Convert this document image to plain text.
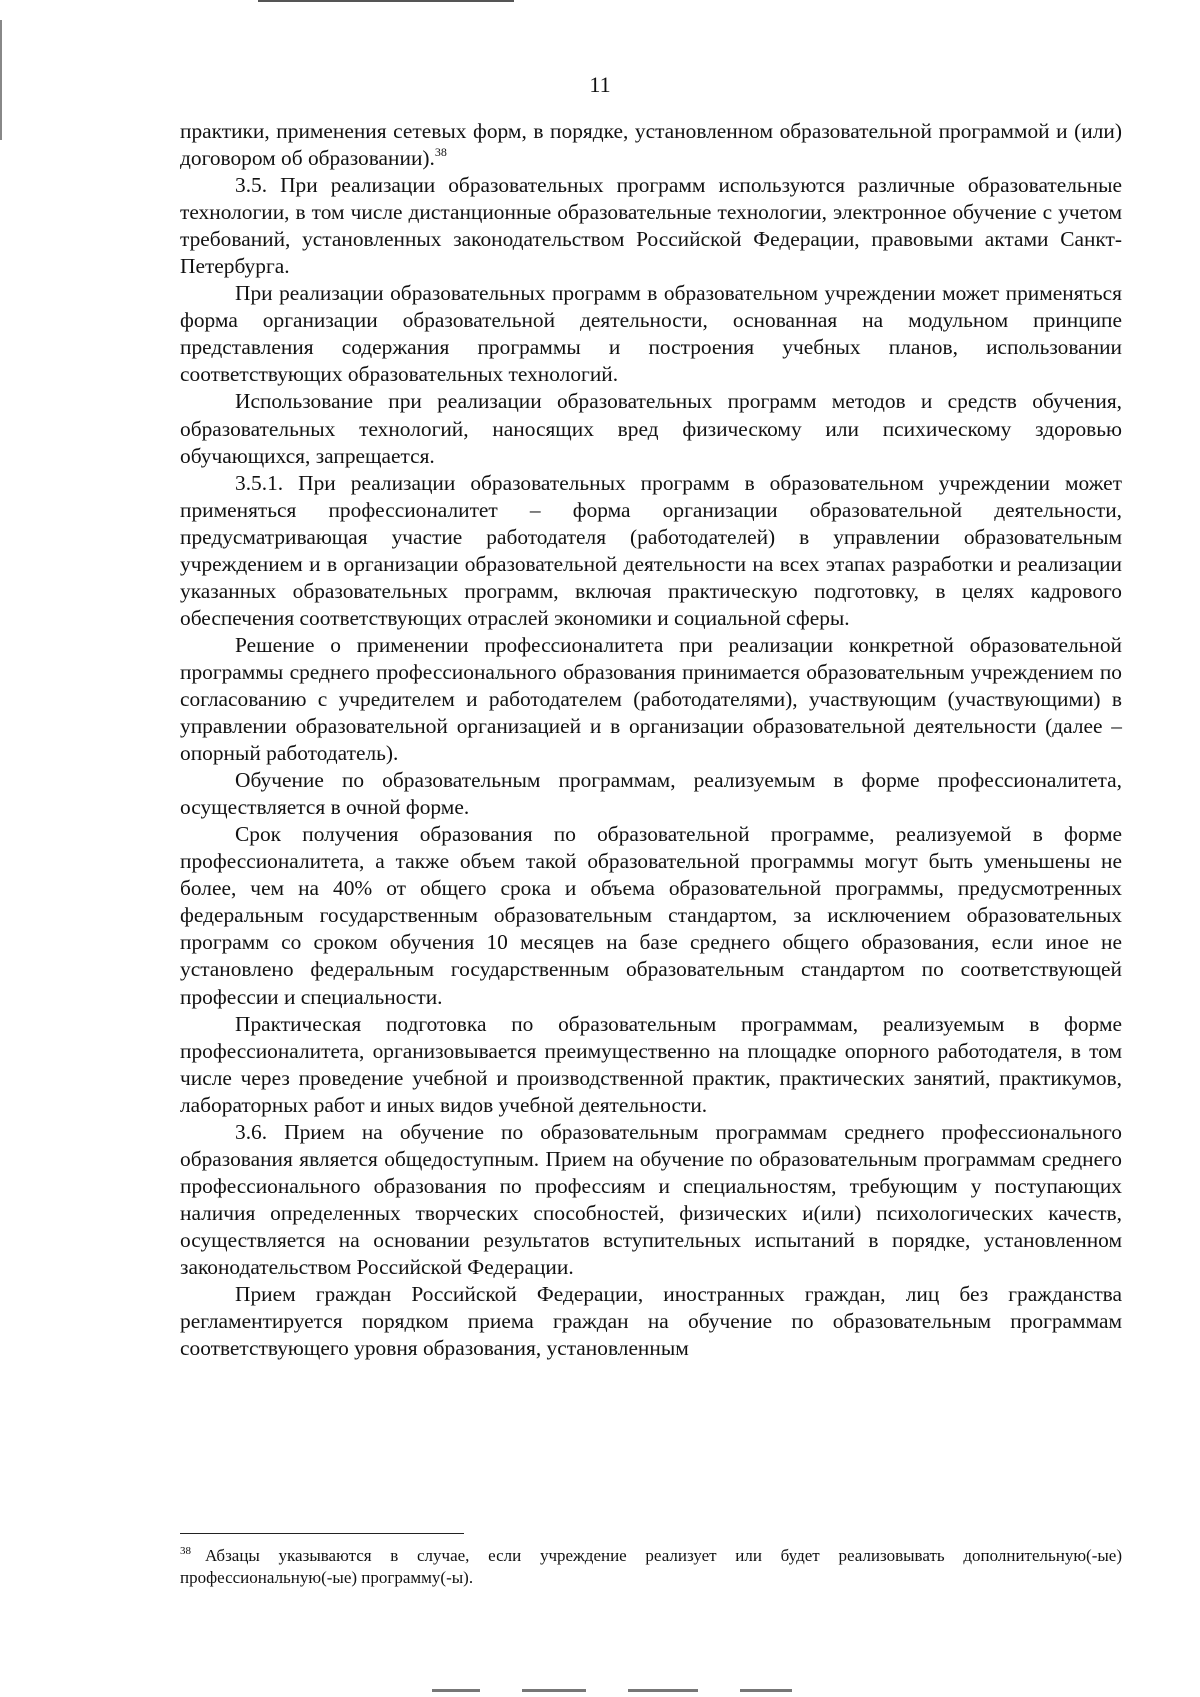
11

практики, применения сетевых форм, в порядке, установленном образовательной программой и (или) договором об образовании).$^{38}$

3.5. При реализации образовательных программ используются различные образовательные технологии, в том числе дистанционные образовательные технологии, электронное обучение с учетом требований, установленных законодательством Российской Федерации, правовыми актами Санкт-Петербурга.

При реализации образовательных программ в образовательном учреждении может применяться форма организации образовательной деятельности, основанная на модульном принципе представления содержания программы и построения учебных планов, использовании соответствующих образовательных технологий.

Использование при реализации образовательных программ методов и средств обучения, образовательных технологий, наносящих вред физическому или психическому здоровью обучающихся, запрещается.

3.5.1. При реализации образовательных программ в образовательном учреждении может применяться профессионалитет – форма организации образовательной деятельности, предусматривающая участие работодателя (работодателей) в управлении образовательным учреждением и в организации образовательной деятельности на всех этапах разработки и реализации указанных образовательных программ, включая практическую подготовку, в целях кадрового обеспечения соответствующих отраслей экономики и социальной сферы.

Решение о применении профессионалитета при реализации конкретной образовательной программы среднего профессионального образования принимается образовательным учреждением по согласованию с учредителем и работодателем (работодателями), участвующим (участвующими) в управлении образовательной организацией и в организации образовательной деятельности (далее – опорный работодатель).

Обучение по образовательным программам, реализуемым в форме профессионалитета, осуществляется в очной форме.

Срок получения образования по образовательной программе, реализуемой в форме профессионалитета, а также объем такой образовательной программы могут быть уменьшены не более, чем на 40% от общего срока и объема образовательной программы, предусмотренных федеральным государственным образовательным стандартом, за исключением образовательных программ со сроком обучения 10 месяцев на базе среднего общего образования, если иное не установлено федеральным государственным образовательным стандартом по соответствующей профессии и специальности.

Практическая подготовка по образовательным программам, реализуемым в форме профессионалитета, организовывается преимущественно на площадке опорного работодателя, в том числе через проведение учебной и производственной практик, практических занятий, практикумов, лабораторных работ и иных видов учебной деятельности.

3.6. Прием на обучение по образовательным программам среднего профессионального образования является общедоступным. Прием на обучение по образовательным программам среднего профессионального образования по профессиям и специальностям, требующим у поступающих наличия определенных творческих способностей, физических и(или) психологических качеств, осуществляется на основании результатов вступительных испытаний в порядке, установленном законодательством Российской Федерации.

Прием граждан Российской Федерации, иностранных граждан, лиц без гражданства регламентируется порядком приема граждан на обучение по образовательным программам соответствующего уровня образования, установленным

$^{38}$ Абзацы указываются в случае, если учреждение реализует или будет реализовывать дополнительную(-ые) профессиональную(-ые) программу(-ы).
